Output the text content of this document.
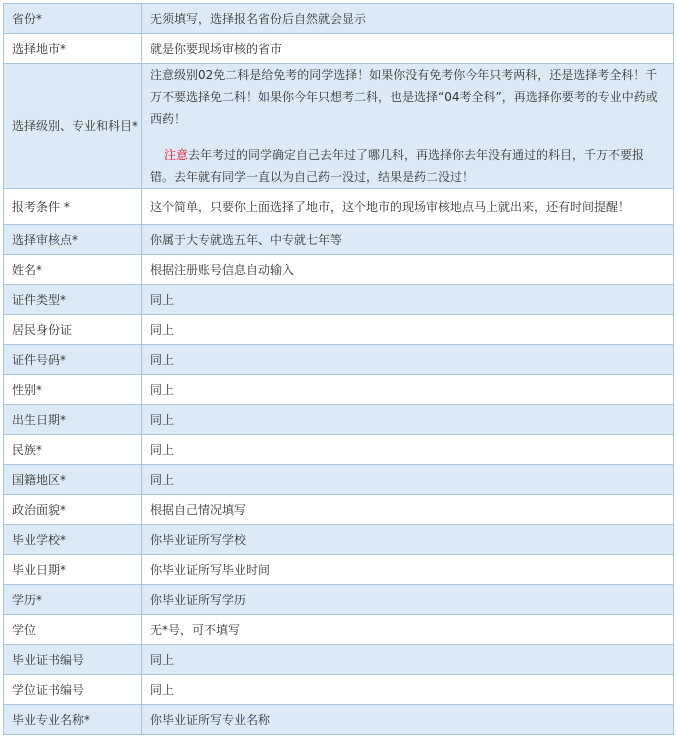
省份*	无须填写，选择报名省份后自然就会显示
选择地市*	就是你要现场审核的省市
选择级别、专业和科目*	注意级别02免二科是给免考的同学选择！如果你没有免考你今年只考两科，还是选择考全科！千万不要选择免二科！如果你今年只想考二科，也是选择“04考全科”，再选择你要考的专业中药或西药！
注意去年考过的同学确定自己去年过了哪几科，再选择你去年没有通过的科目，千万不要报错。去年就有同学一直以为自己药一没过，结果是药二没过！

报考条件 *	这个简单，只要你上面选择了地市，这个地市的现场审核地点马上就出来，还有时间提醒！
选择审核点*	你属于大专就选五年、中专就七年等
姓名*	根据注册账号信息自动输入
证件类型*	同上
居民身份证	同上
证件号码*	同上
性别*	同上
出生日期*	同上
民族*	同上
国籍地区*	同上
政治面貌*	根据自己情况填写
毕业学校*	你毕业证所写学校
毕业日期*	你毕业证所写毕业时间
学历*	你毕业证所写学历
学位	无*号，可不填写
毕业证书编号	同上
学位证书编号	同上
毕业专业名称*	你毕业证所写专业名称
